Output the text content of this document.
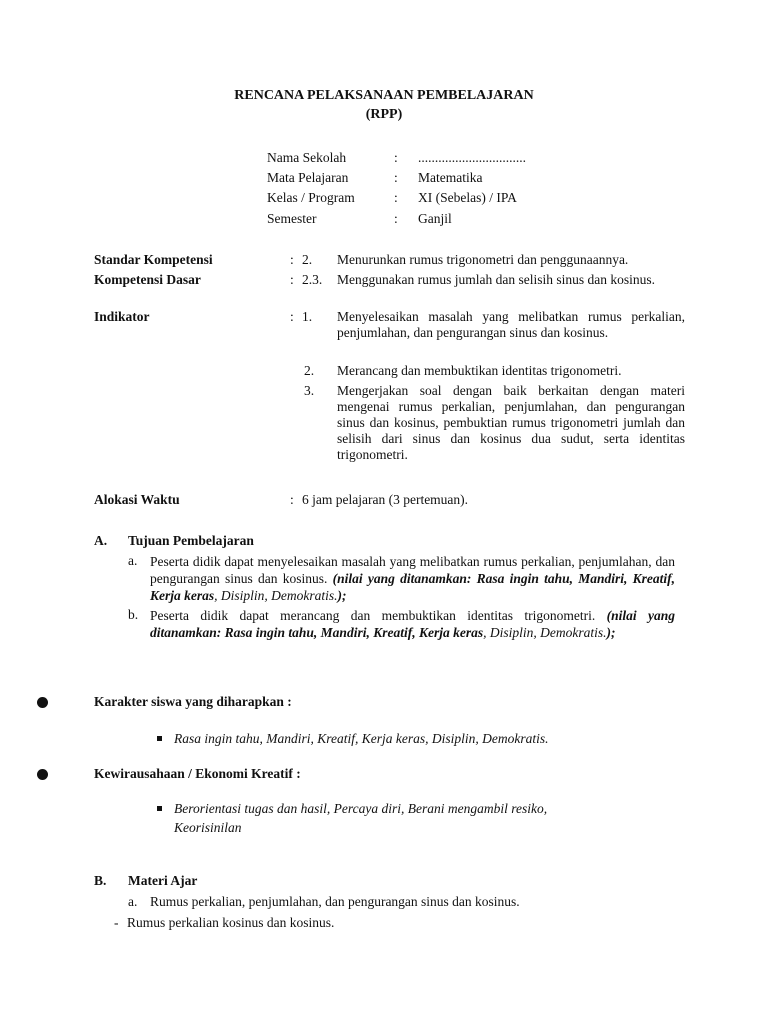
RENCANA PELAKSANAAN PEMBELAJARAN
(RPP)
Nama Sekolah	: ................................
Mata Pelajaran	: Matematika
Kelas / Program	: XI (Sebelas) / IPA
Semester	: Ganjil
Standar Kompetensi	: 2. Menurunkan rumus trigonometri dan penggunaannya.
Kompetensi Dasar	: 2.3. Menggunakan rumus jumlah dan selisih sinus dan kosinus.
Indikator	: 1. Menyelesaikan masalah yang melibatkan rumus perkalian, penjumlahan, dan pengurangan sinus dan kosinus.
2. Merancang dan membuktikan identitas trigonometri.
3. Mengerjakan soal dengan baik berkaitan dengan materi mengenai rumus perkalian, penjumlahan, dan pengurangan sinus dan kosinus, pembuktian rumus trigonometri jumlah dan selisih dari sinus dan kosinus dua sudut, serta identitas trigonometri.
Alokasi Waktu	: 6 jam pelajaran (3 pertemuan).
A. Tujuan Pembelajaran
a. Peserta didik dapat menyelesaikan masalah yang melibatkan rumus perkalian, penjumlahan, dan pengurangan sinus dan kosinus. (nilai yang ditanamkan: Rasa ingin tahu, Mandiri, Kreatif, Kerja keras, Disiplin, Demokratis.);
b. Peserta didik dapat merancang dan membuktikan identitas trigonometri. (nilai yang ditanamkan: Rasa ingin tahu, Mandiri, Kreatif, Kerja keras, Disiplin, Demokratis.);
Karakter siswa yang diharapkan :
Rasa ingin tahu, Mandiri, Kreatif, Kerja keras, Disiplin, Demokratis.
Kewirausahaan / Ekonomi Kreatif :
Berorientasi tugas dan hasil, Percaya diri, Berani mengambil resiko,
Keorisinilan
B. Materi Ajar
a. Rumus perkalian, penjumlahan, dan pengurangan sinus dan kosinus.
- Rumus perkalian kosinus dan kosinus.
